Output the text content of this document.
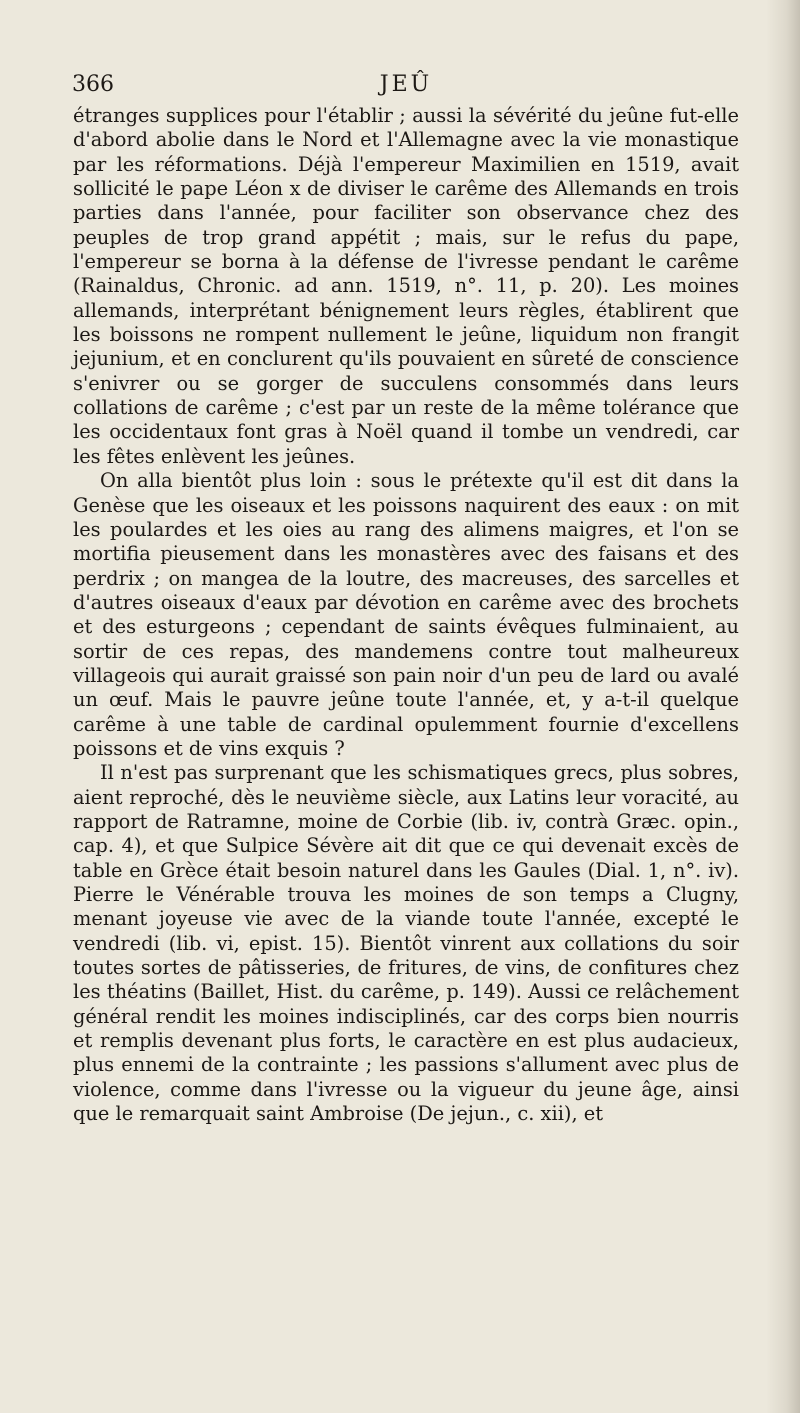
366	JEÛ

étranges supplices pour l'établir ; aussi la sévérité du jeûne fut-elle d'abord abolie dans le Nord et l'Allemagne avec la vie monastique par les réformations. Déjà l'empereur Maximilien en 1519, avait sollicité le pape Léon x de diviser le carême des Allemands en trois parties dans l'année, pour faciliter son observance chez des peuples de trop grand appétit ; mais, sur le refus du pape, l'empereur se borna à la défense de l'ivresse pendant le carême (Rainaldus, Chronic. ad ann. 1519, n°. 11, p. 20). Les moines allemands, interprétant bénignement leurs règles, établirent que les boissons ne rompent nullement le jeûne, liquidum non frangit jejunium, et en conclurent qu'ils pouvaient en sûreté de conscience s'enivrer ou se gorger de succulens consommés dans leurs collations de carême ; c'est par un reste de la même tolérance que les occidentaux font gras à Noël quand il tombe un vendredi, car les fêtes enlèvent les jeûnes.

On alla bientôt plus loin : sous le prétexte qu'il est dit dans la Genèse que les oiseaux et les poissons naquirent des eaux : on mit les poulardes et les oies au rang des alimens maigres, et l'on se mortifia pieusement dans les monastères avec des faisans et des perdrix ; on mangea de la loutre, des macreuses, des sarcelles et d'autres oiseaux d'eaux par dévotion en carême avec des brochets et des esturgeons ; cependant de saints évêques fulminaient, au sortir de ces repas, des mandemens contre tout malheureux villageois qui aurait graissé son pain noir d'un peu de lard ou avalé un œuf. Mais le pauvre jeûne toute l'année, et, y a-t-il quelque carême à une table de cardinal opulemment fournie d'excellens poissons et de vins exquis ?

Il n'est pas surprenant que les schismatiques grecs, plus sobres, aient reproché, dès le neuvième siècle, aux Latins leur voracité, au rapport de Ratramne, moine de Corbie (lib. iv, contrà Græc. opin., cap. 4), et que Sulpice Sévère ait dit que ce qui devenait excès de table en Grèce était besoin naturel dans les Gaules (Dial. 1, n°. iv). Pierre le Vénérable trouva les moines de son temps a Clugny, menant joyeuse vie avec de la viande toute l'année, excepté le vendredi (lib. vi, epist. 15). Bientôt vinrent aux collations du soir toutes sortes de pâtisseries, de fritures, de vins, de confitures chez les théatins (Baillet, Hist. du carême, p. 149). Aussi ce relâchement général rendit les moines indisciplinés, car des corps bien nourris et remplis devenant plus forts, le caractère en est plus audacieux, plus ennemi de la contrainte ; les passions s'allument avec plus de violence, comme dans l'ivresse ou la vigueur du jeune âge, ainsi que le remarquait saint Ambroise (De jejun., c. xii), et
